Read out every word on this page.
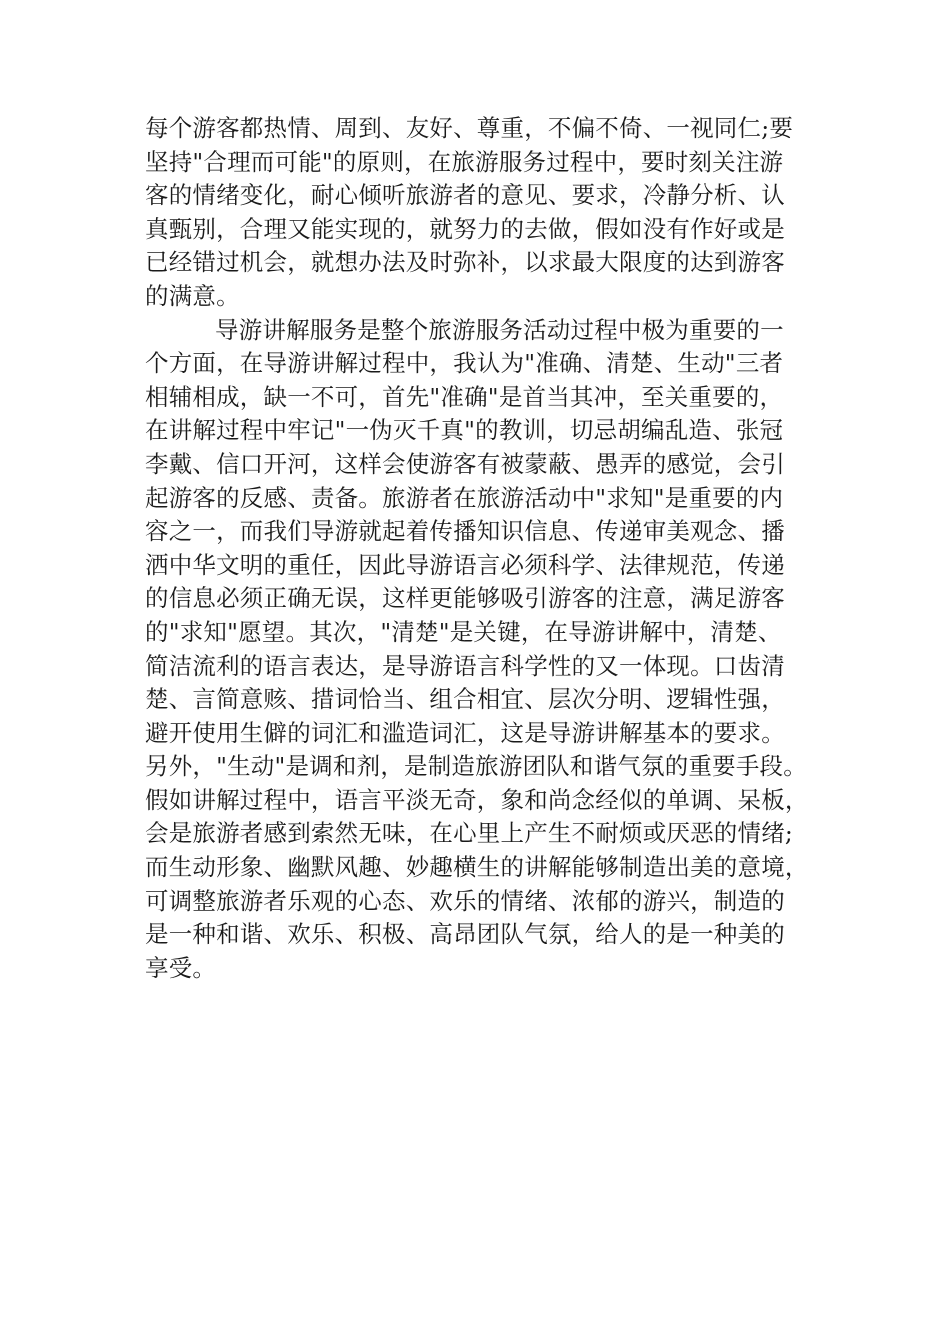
每个游客都热情、周到、友好、尊重，不偏不倚、一视同仁;要
坚持"合理而可能"的原则，在旅游服务过程中，要时刻关注游
客的情绪变化，耐心倾听旅游者的意见、要求，冷静分析、认
真甄别，合理又能实现的，就努力的去做，假如没有作好或是
已经错过机会，就想办法及时弥补，以求最大限度的达到游客
的满意。
导游讲解服务是整个旅游服务活动过程中极为重要的一
个方面，在导游讲解过程中，我认为"准确、清楚、生动"三者
相辅相成，缺一不可，首先"准确"是首当其冲，至关重要的，
在讲解过程中牢记"一伪灭千真"的教训，切忌胡编乱造、张冠
李戴、信口开河，这样会使游客有被蒙蔽、愚弄的感觉，会引
起游客的反感、责备。旅游者在旅游活动中"求知"是重要的内
容之一，而我们导游就起着传播知识信息、传递审美观念、播
洒中华文明的重任，因此导游语言必须科学、法律规范，传递
的信息必须正确无误，这样更能够吸引游客的注意，满足游客
的"求知"愿望。其次，"清楚"是关键，在导游讲解中，清楚、
简洁流利的语言表达，是导游语言科学性的又一体现。口齿清
楚、言简意赅、措词恰当、组合相宜、层次分明、逻辑性强，
避开使用生僻的词汇和滥造词汇，这是导游讲解基本的要求。
另外，"生动"是调和剂，是制造旅游团队和谐气氛的重要手段。
假如讲解过程中，语言平淡无奇，象和尚念经似的单调、呆板，
会是旅游者感到索然无味，在心里上产生不耐烦或厌恶的情绪;
而生动形象、幽默风趣、妙趣横生的讲解能够制造出美的意境，
可调整旅游者乐观的心态、欢乐的情绪、浓郁的游兴，制造的
是一种和谐、欢乐、积极、高昂团队气氛，给人的是一种美的
享受。
